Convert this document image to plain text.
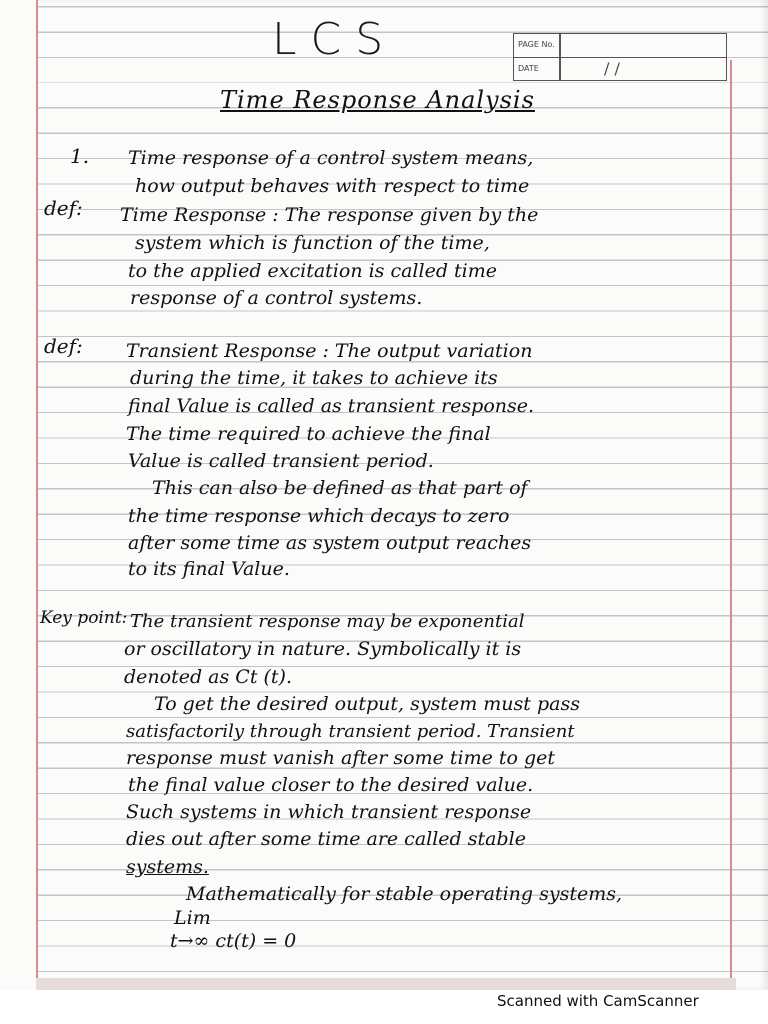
LCS	PAGE No.
DATE	/ /
Time Response Analysis
1.
def:
def:
Key point:
Time response of a control system means,
how output behaves with respect to time
Time Response : The response given by the
system which is function of the time,
to the applied excitation is called time
response of a control systems.
Transient Response : The output variation
during the time, it takes to achieve its
final Value is called as transient response.
The time required to achieve the final
Value is called transient period.
This can also be defined as that part of
the time response which decays to zero
after some time as system output reaches
to its final Value.
The transient response may be exponential
or oscillatory in nature. Symbolically it is
denoted as Ct (t).
To get the desired output, system must pass
satisfactorily through transient period. Transient
response must vanish after some time to get
the final value closer to the desired value.
Such systems in which transient response
dies out after some time are called stable
systems.
Mathematically for stable operating systems,
Lim
t→∞ ct(t) = 0
Scanned with CamScanner
